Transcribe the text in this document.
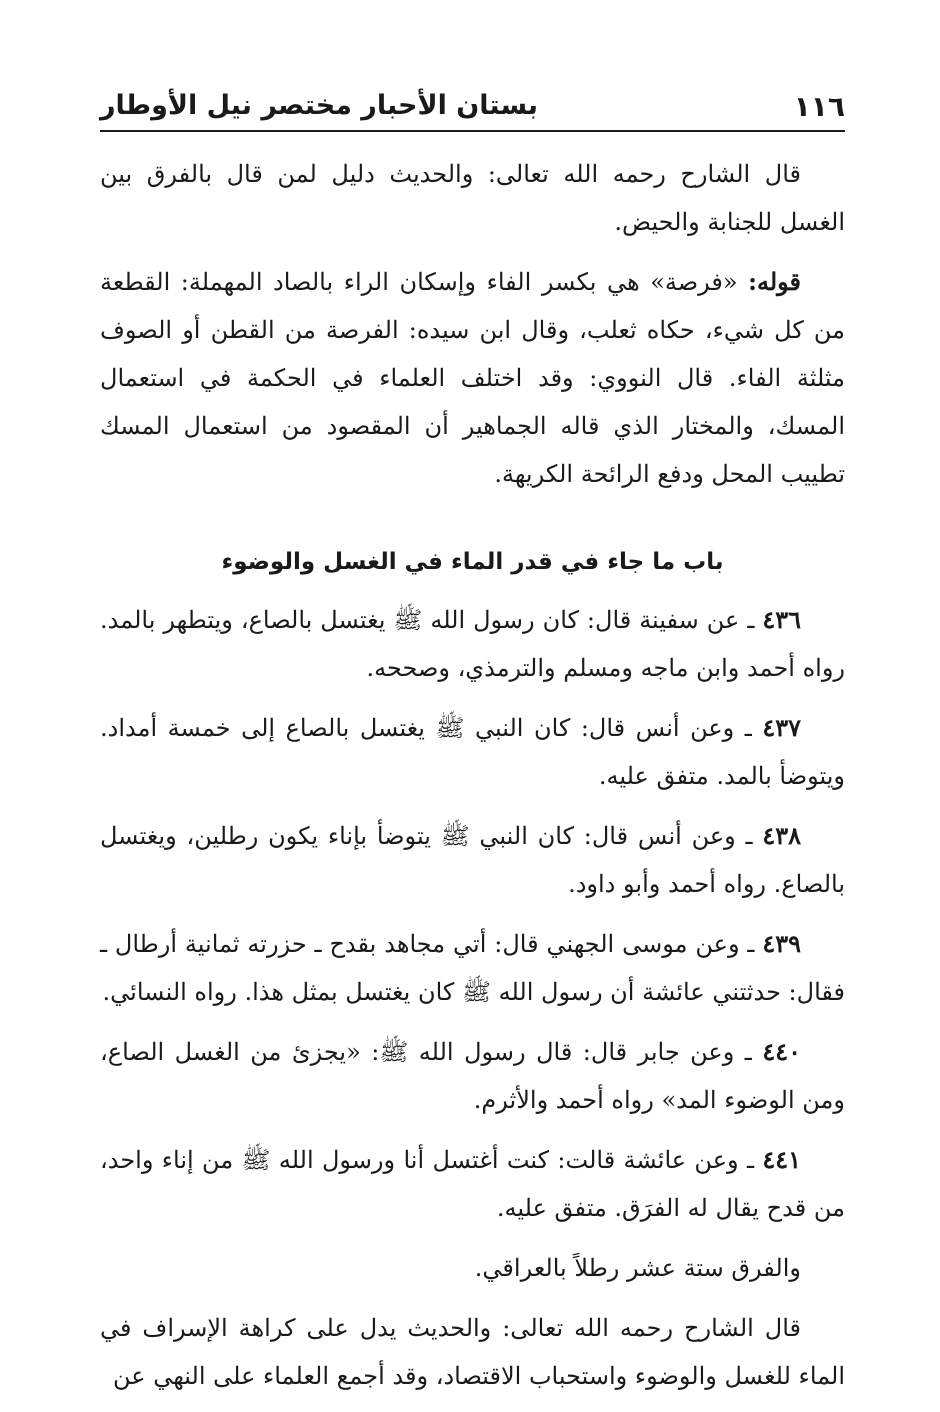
١١٦
بستان الأحبار مختصر نيل الأوطار

قال الشارح رحمه الله تعالى: والحديث دليل لمن قال بالفرق بين الغسل للجنابة والحيض.

قوله: «فرصة» هي بكسر الفاء وإسكان الراء بالصاد المهملة: القطعة من كل شيء، حكاه ثعلب، وقال ابن سيده: الفرصة من القطن أو الصوف مثلثة الفاء. قال النووي: وقد اختلف العلماء في الحكمة في استعمال المسك، والمختار الذي قاله الجماهير أن المقصود من استعمال المسك تطييب المحل ودفع الرائحة الكريهة.

باب ما جاء في قدر الماء في الغسل والوضوء

٤٣٦ ـ عن سفينة قال: كان رسول الله ﷺ يغتسل بالصاع، ويتطهر بالمد. رواه أحمد وابن ماجه ومسلم والترمذي، وصححه.

٤٣٧ ـ وعن أنس قال: كان النبي ﷺ يغتسل بالصاع إلى خمسة أمداد. ويتوضأ بالمد. متفق عليه.

٤٣٨ ـ وعن أنس قال: كان النبي ﷺ يتوضأ بإناء يكون رطلين، ويغتسل بالصاع. رواه أحمد وأبو داود.

٤٣٩ ـ وعن موسى الجهني قال: أتي مجاهد بقدح ـ حزرته ثمانية أرطال ـ فقال: حدثتني عائشة أن رسول الله ﷺ كان يغتسل بمثل هذا. رواه النسائي.

٤٤٠ ـ وعن جابر قال: قال رسول الله ﷺ: «يجزئ من الغسل الصاع، ومن الوضوء المد» رواه أحمد والأثرم.

٤٤١ ـ وعن عائشة قالت: كنت أغتسل أنا ورسول الله ﷺ من إناء واحد، من قدح يقال له الفرَق. متفق عليه.

والفرق ستة عشر رطلاً بالعراقي.

قال الشارح رحمه الله تعالى: والحديث يدل على كراهة الإسراف في الماء للغسل والوضوء واستحباب الاقتصاد، وقد أجمع العلماء على النهي عن
